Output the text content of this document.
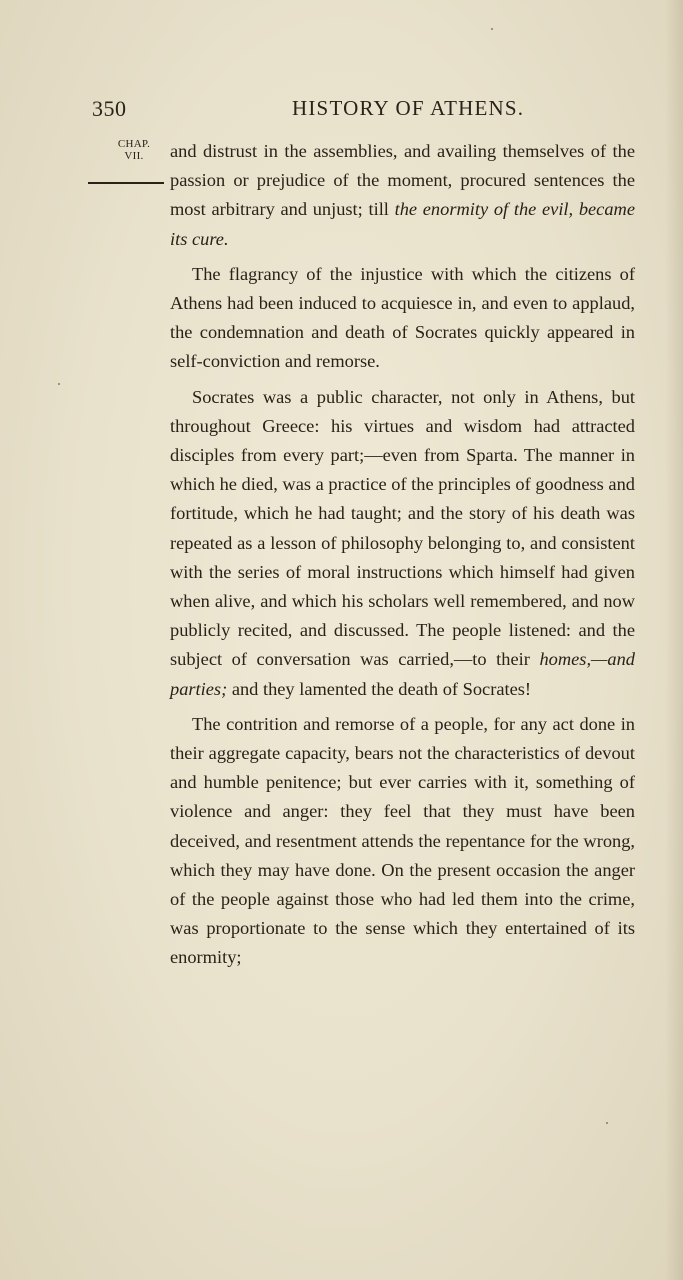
350	HISTORY OF ATHENS.
CHAP.
VII.	and distrust in the assemblies, and availing themselves of the passion or prejudice of the moment, procured sentences the most arbitrary and unjust; till the enormity of the evil, became its cure.

The flagrancy of the injustice with which the citizens of Athens had been induced to acquiesce in, and even to applaud, the condemnation and death of Socrates quickly appeared in self-conviction and remorse.

Socrates was a public character, not only in Athens, but throughout Greece: his virtues and wisdom had attracted disciples from every part;—even from Sparta. The manner in which he died, was a practice of the principles of goodness and fortitude, which he had taught; and the story of his death was repeated as a lesson of philosophy belonging to, and consistent with the series of moral instructions which himself had given when alive, and which his scholars well remembered, and now publicly recited, and discussed. The people listened: and the subject of conversation was carried,—to their homes,—and parties; and they lamented the death of Socrates!

The contrition and remorse of a people, for any act done in their aggregate capacity, bears not the characteristics of devout and humble penitence; but ever carries with it, something of violence and anger: they feel that they must have been deceived, and resentment attends the repentance for the wrong, which they may have done. On the present occasion the anger of the people against those who had led them into the crime, was proportionate to the sense which they entertained of its enormity;
